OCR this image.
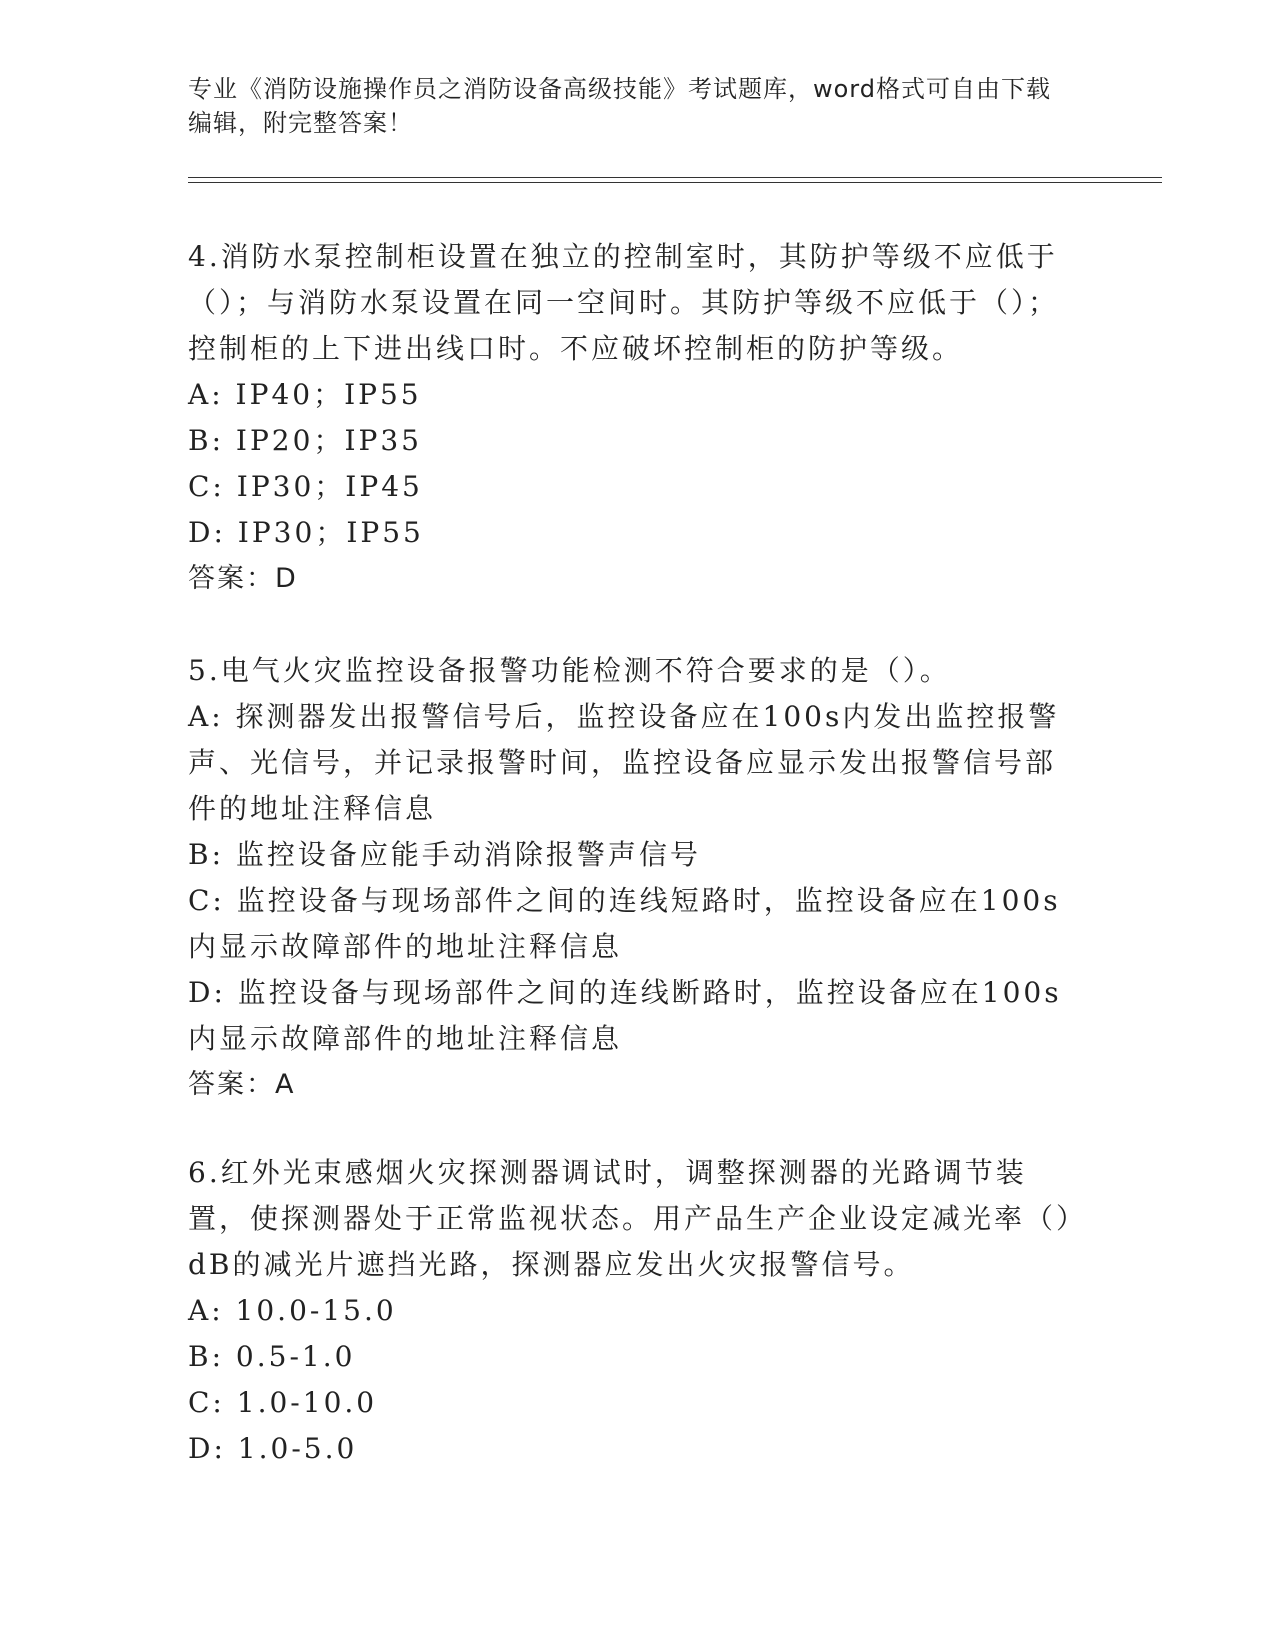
专业《消防设施操作员之消防设备高级技能》考试题库，word格式可自由下载编辑，附完整答案！

4.消防水泵控制柜设置在独立的控制室时，其防护等级不应低于（）；与消防水泵设置在同一空间时。其防护等级不应低于（）；控制柜的上下进出线口时。不应破坏控制柜的防护等级。

A: IP40；IP55

B: IP20；IP35

C: IP30；IP45

D: IP30；IP55

答案：D

5.电气火灾监控设备报警功能检测不符合要求的是（）。

A: 探测器发出报警信号后，监控设备应在100s内发出监控报警声、光信号，并记录报警时间，监控设备应显示发出报警信号部件的地址注释信息

B: 监控设备应能手动消除报警声信号

C: 监控设备与现场部件之间的连线短路时，监控设备应在100s内显示故障部件的地址注释信息

D: 监控设备与现场部件之间的连线断路时，监控设备应在100s内显示故障部件的地址注释信息

答案：A

6.红外光束感烟火灾探测器调试时，调整探测器的光路调节装置，使探测器处于正常监视状态。用产品生产企业设定减光率（）dB的减光片遮挡光路，探测器应发出火灾报警信号。

A: 10.0-15.0

B: 0.5-1.0

C: 1.0-10.0

D: 1.0-5.0
